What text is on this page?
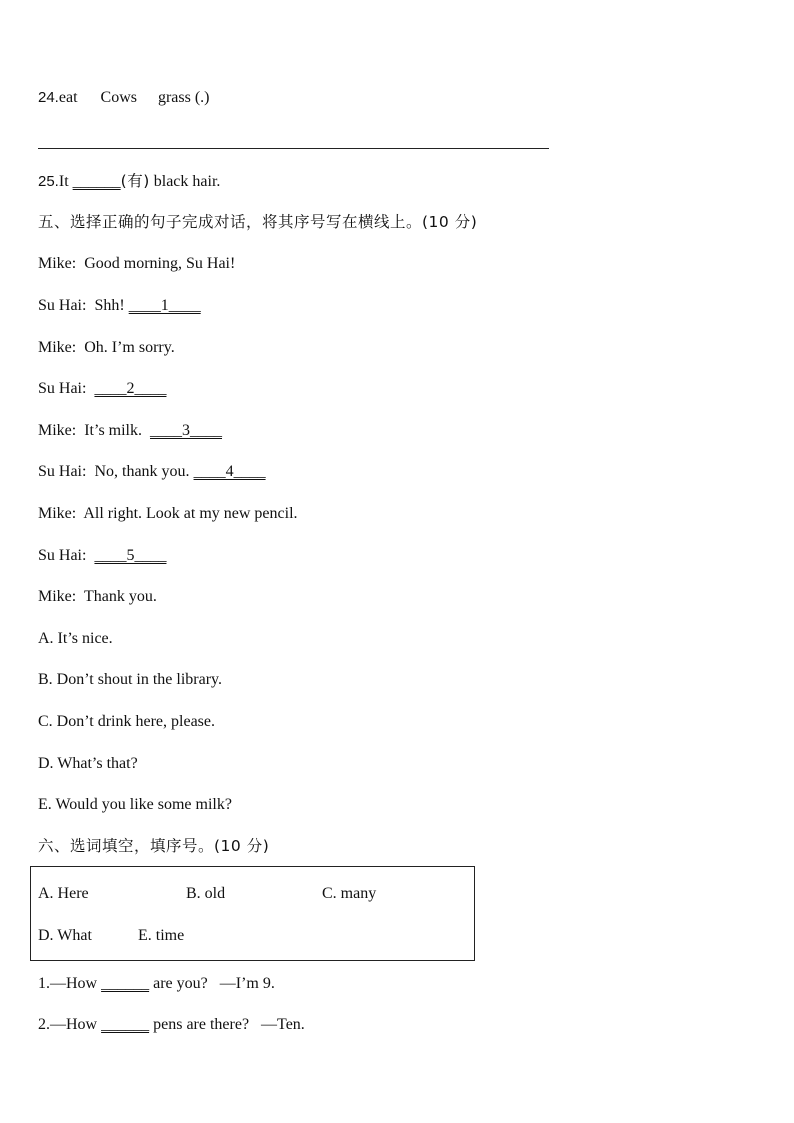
24.eat Cows grass (.)
25.It ______(有) black hair.
五、选择正确的句子完成对话，将其序号写在横线上。(10 分)
Mike: Good morning, Su Hai!
Su Hai: Shh! ____1____
Mike: Oh. I’m sorry.
Su Hai: ____2____
Mike: It’s milk. ____3____
Su Hai: No, thank you. ____4____
Mike: All right. Look at my new pencil.
Su Hai: ____5____
Mike: Thank you.
A. It’s nice.
B. Don’t shout in the library.
C. Don’t drink here, please.
D. What’s that?
E. Would you like some milk?
六、选词填空，填序号。(10 分)
A. Here	B. old	C. many
D. What	E. time
1.—How ______ are you? —I’m 9.
2.—How ______ pens are there? —Ten.
